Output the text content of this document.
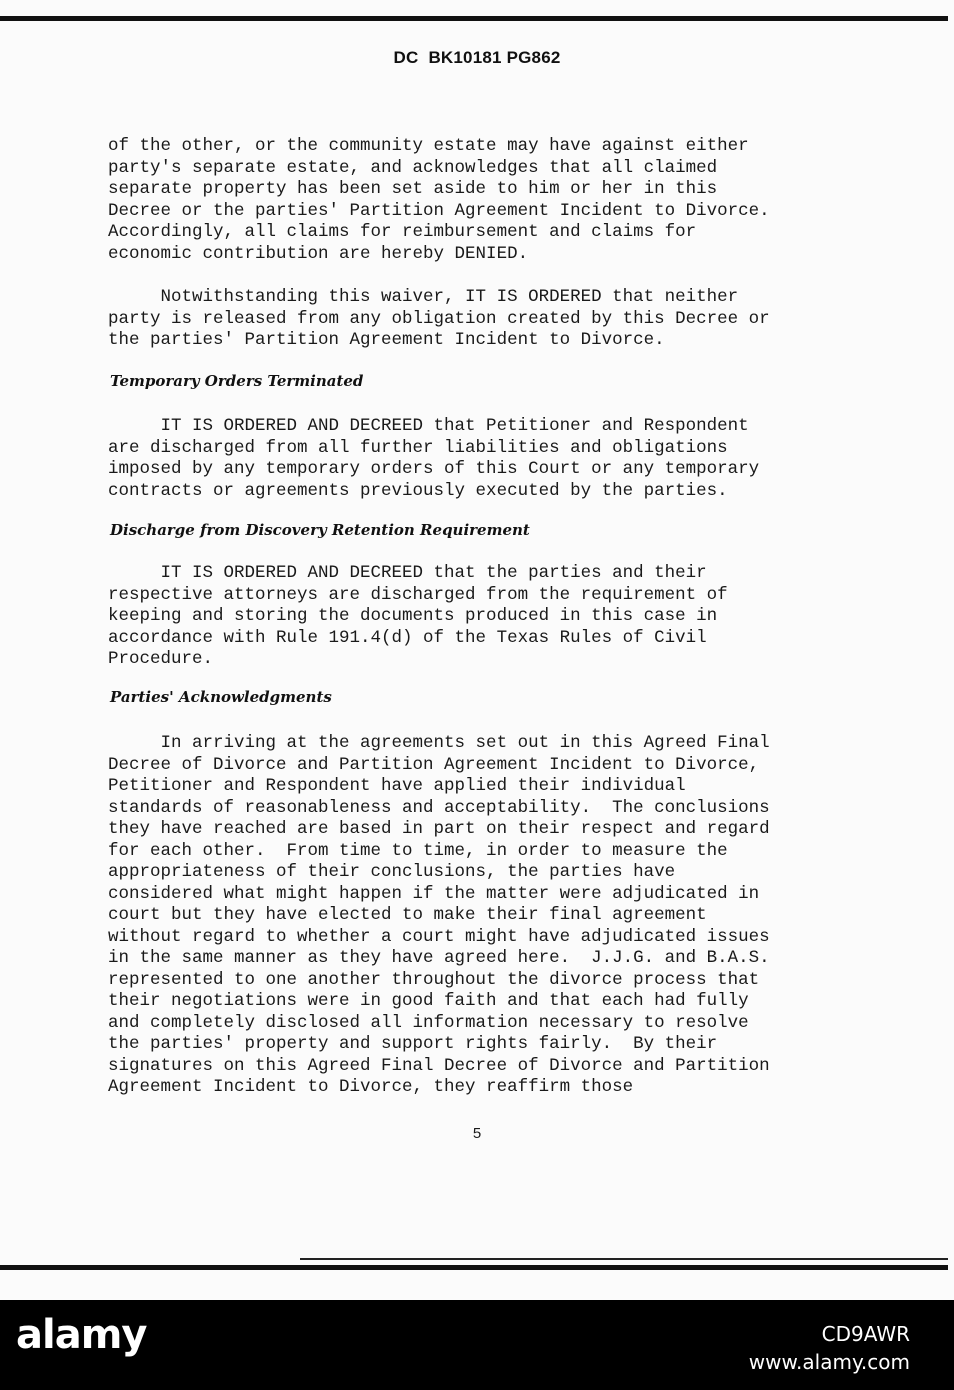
DC BK10181 PG862
of the other, or the community estate may have against either
party's separate estate, and acknowledges that all claimed
separate property has been set aside to him or her in this
Decree or the parties' Partition Agreement Incident to Divorce.
Accordingly, all claims for reimbursement and claims for
economic contribution are hereby DENIED.
Notwithstanding this waiver, IT IS ORDERED that neither
party is released from any obligation created by this Decree or
the parties' Partition Agreement Incident to Divorce.
Temporary Orders Terminated
IT IS ORDERED AND DECREED that Petitioner and Respondent
are discharged from all further liabilities and obligations
imposed by any temporary orders of this Court or any temporary
contracts or agreements previously executed by the parties.
Discharge from Discovery Retention Requirement
IT IS ORDERED AND DECREED that the parties and their
respective attorneys are discharged from the requirement of
keeping and storing the documents produced in this case in
accordance with Rule 191.4(d) of the Texas Rules of Civil
Procedure.
Parties' Acknowledgments
In arriving at the agreements set out in this Agreed Final
Decree of Divorce and Partition Agreement Incident to Divorce,
Petitioner and Respondent have applied their individual
standards of reasonableness and acceptability.  The conclusions
they have reached are based in part on their respect and regard
for each other.  From time to time, in order to measure the
appropriateness of their conclusions, the parties have
considered what might happen if the matter were adjudicated in
court but they have elected to make their final agreement
without regard to whether a court might have adjudicated issues
in the same manner as they have agreed here.  J.J.G. and B.A.S.
represented to one another throughout the divorce process that
their negotiations were in good faith and that each had fully
and completely disclosed all information necessary to resolve
the parties' property and support rights fairly.  By their
signatures on this Agreed Final Decree of Divorce and Partition
Agreement Incident to Divorce, they reaffirm those
5
alamy	CD9AWR
www.alamy.com
